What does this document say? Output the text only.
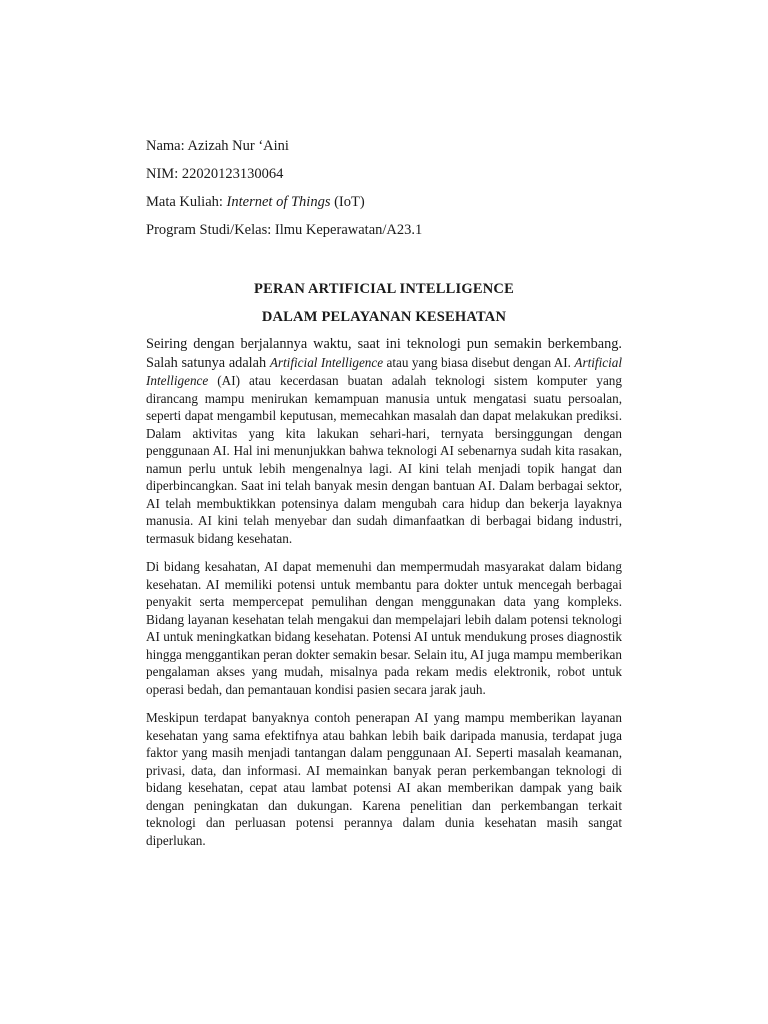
Nama: Azizah Nur ‘Aini
NIM: 22020123130064
Mata Kuliah: Internet of Things (IoT)
Program Studi/Kelas: Ilmu Keperawatan/A23.1
PERAN ARTIFICIAL INTELLIGENCE
DALAM PELAYANAN KESEHATAN

Seiring dengan berjalannya waktu, saat ini teknologi pun semakin berkembang. Salah satunya adalah Artificial Intelligence atau yang biasa disebut dengan AI. Artificial Intelligence (AI) atau kecerdasan buatan adalah teknologi sistem komputer yang dirancang mampu menirukan kemampuan manusia untuk mengatasi suatu persoalan, seperti dapat mengambil keputusan, memecahkan masalah dan dapat melakukan prediksi. Dalam aktivitas yang kita lakukan sehari-hari, ternyata bersinggungan dengan penggunaan AI. Hal ini menunjukkan bahwa teknologi AI sebenarnya sudah kita rasakan, namun perlu untuk lebih mengenalnya lagi. AI kini telah menjadi topik hangat dan diperbincangkan. Saat ini telah banyak mesin dengan bantuan AI. Dalam berbagai sektor, AI telah membuktikkan potensinya dalam mengubah cara hidup dan bekerja layaknya manusia. AI kini telah menyebar dan sudah dimanfaatkan di berbagai bidang industri, termasuk bidang kesehatan.

Di bidang kesahatan, AI dapat memenuhi dan mempermudah masyarakat dalam bidang kesehatan. AI memiliki potensi untuk membantu para dokter untuk mencegah berbagai penyakit serta mempercepat pemulihan dengan menggunakan data yang kompleks. Bidang layanan kesehatan telah mengakui dan mempelajari lebih dalam potensi teknologi AI untuk meningkatkan bidang kesehatan. Potensi AI untuk mendukung proses diagnostik hingga menggantikan peran dokter semakin besar. Selain itu, AI juga mampu memberikan pengalaman akses yang mudah, misalnya pada rekam medis elektronik, robot untuk operasi bedah, dan pemantauan kondisi pasien secara jarak jauh.

Meskipun terdapat banyaknya contoh penerapan AI yang mampu memberikan layanan kesehatan yang sama efektifnya atau bahkan lebih baik daripada manusia, terdapat juga faktor yang masih menjadi tantangan dalam penggunaan AI. Seperti masalah keamanan, privasi, data, dan informasi. AI memainkan banyak peran perkembangan teknologi di bidang kesehatan, cepat atau lambat potensi AI akan memberikan dampak yang baik dengan peningkatan dan dukungan. Karena penelitian dan perkembangan terkait teknologi dan perluasan potensi perannya dalam dunia kesehatan masih sangat diperlukan.
